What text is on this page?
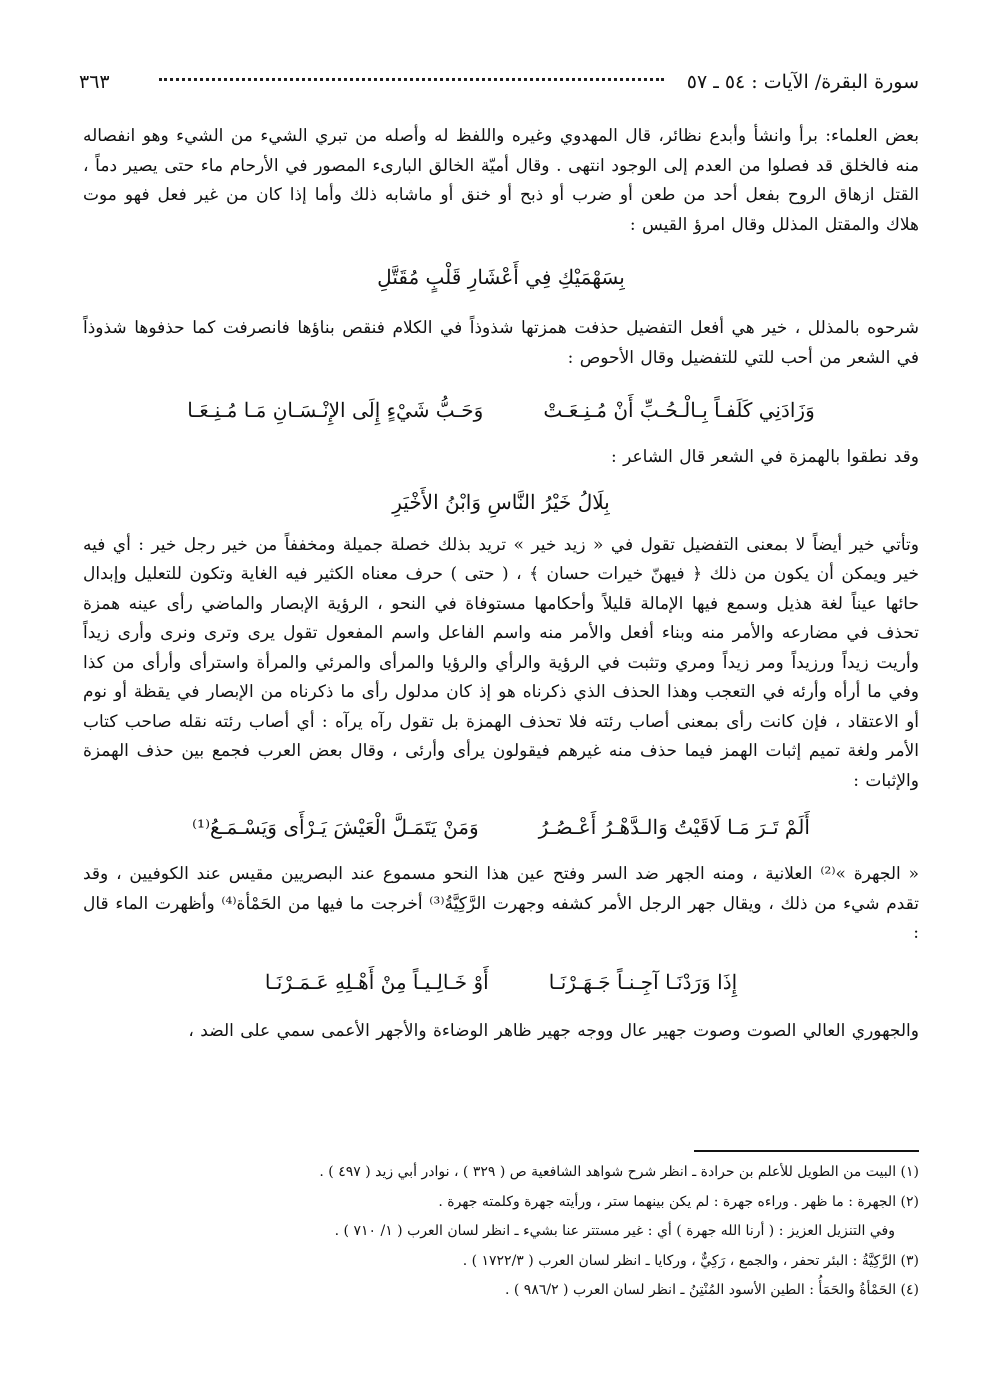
سورة البقرة/ الآيات : ٥٤ ـ ٥٧
٣٦٣

بعض العلماء: برأ وانشأ وأبدع نظائر، قال المهدوي وغيره واللفظ له وأصله من تبري الشيء من الشيء وهو انفصاله منه فالخلق قد فصلوا من العدم إلى الوجود انتهى . وقال أميّة الخالق البارىء المصور في الأرحام ماء حتى يصير دماً ، القتل ازهاق الروح بفعل أحد من طعن أو ضرب أو ذبح أو خنق أو ماشابه ذلك وأما إذا كان من غير فعل فهو موت هلاك والمقتل المذلل وقال امرؤ القيس :

بِسَهْمَيْكِ فِي أَعْشَارِ قَلْبٍ مُقَتَّلِ

شرحوه بالمذلل ، خير هي أفعل التفضيل حذفت همزتها شذوذاً في الكلام فنقص بناؤها فانصرفت كما حذفوها شذوذاً في الشعر من أحب للتي للتفضيل وقال الأحوص :

وَزَادَنِي كَلَفـاً بِـالْـحُـبِّ أَنْ مُـنِـعَـتْ
وَحَـبُّ شَيْءٍ إِلَى الإِنْـسَـانِ مَـا مُـنِـعَـا

وقد نطقوا بالهمزة في الشعر قال الشاعر :

بِلَالُ خَيْرُ النَّاسِ وَابْنُ الأَخْيَرِ

وتأتي خير أيضاً لا بمعنى التفضيل تقول في « زيد خير » تريد بذلك خصلة جميلة ومخففاً من خير رجل خير : أي فيه خير ويمكن أن يكون من ذلك ﴿ فيهنّ خيرات حسان ﴾ ، ( حتى ) حرف معناه الكثير فيه الغاية وتكون للتعليل وإبدال حائها عيناً لغة هذيل وسمع فيها الإمالة قليلاً وأحكامها مستوفاة في النحو ، الرؤية الإبصار والماضي رأى عينه همزة تحذف في مضارعه والأمر منه وبناء أفعل والأمر منه واسم الفاعل واسم المفعول تقول يرى وترى ونرى وأرى زيداً وأريت زيداً ورزيداً ومر زيداً ومري وتثبت في الرؤية والرأي والرؤيا والمرأى والمرئي والمرأة واسترأى وأرأى من كذا وفي ما أرأه وأرئه في التعجب وهذا الحذف الذي ذكرناه هو إذ كان مدلول رأى ما ذكرناه من الإبصار في يقظة أو نوم أو الاعتقاد ، فإن كانت رأى بمعنى أصاب رئته فلا تحذف الهمزة بل تقول رآه يرآه : أي أصاب رئته نقله صاحب كتاب الأمر ولغة تميم إثبات الهمز فيما حذف منه غيرهم فيقولون يرأى وأرئى ، وقال بعض العرب فجمع بين حذف الهمزة والإثبات :

أَلَمْ تَـرَ مَـا لَاقَيْتُ وَالـدَّهْـرُ أَعْـصُـرُ
وَمَنْ يَتَمَـلَّ الْعَيْشَ يَـرْأَى وَيَسْـمَـعُ⁽¹⁾

« الجهرة »⁽²⁾ العلانية ، ومنه الجهر ضد السر وفتح عين هذا النحو مسموع عند البصريين مقيس عند الكوفيين ، وقد تقدم شيء من ذلك ، ويقال جهر الرجل الأمر كشفه وجهرت الرَّكِيَّةُ⁽³⁾ أخرجت ما فيها من الحَمْأة⁽⁴⁾ وأظهرت الماء قال :

إِذَا وَرَدْنَـا آجِـنـاً جَـهَـرْنَـا
أَوْ خَـالِـيـاً مِنْ أَهْـلِهِ عَـمَـرْنَـا

والجهوري العالي الصوت وصوت جهير عال ووجه جهير ظاهر الوضاءة والأجهر الأعمى سمي على الضد ،

(١) البيت من الطويل للأعلم بن حرادة ـ انظر شرح شواهد الشافعية ص ( ٣٢٩ ) ، نوادر أبي زيد ( ٤٩٧ ) .

(٢) الجهرة : ما ظهر . وراءه جهرة : لم يكن بينهما ستر ، ورأيته جهرة وكلمته جهرة .

وفي التنزيل العزيز : ( أرنا الله جهرة ) أي : غير مستتر عنا بشيء ـ انظر لسان العرب ( ١/ ٧١٠ ) .

(٣) الرَّكِيَّةُ : البئر تحفر ، والجمع ، رَكِيٌّ ، وركايا ـ انظر لسان العرب ( ١٧٢٢/٣ ) .

(٤) الحَمْأةُ والحَمَأُ : الطين الأسود المُنْتِنُ ـ انظر لسان العرب ( ٩٨٦/٢ ) .
